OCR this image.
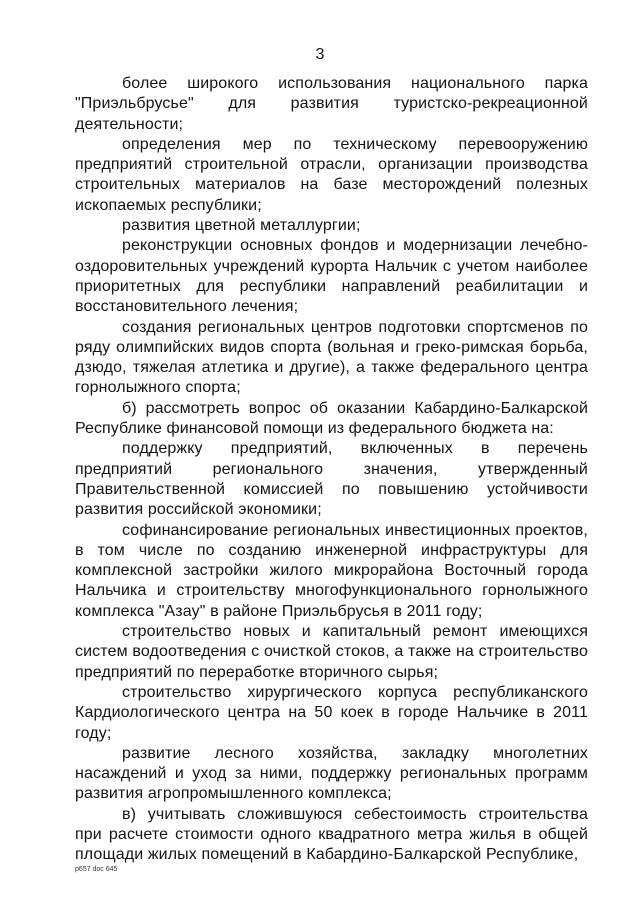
3

более широкого использования национального парка "Приэльбрусье" для развития туристско-рекреационной деятельности;

определения мер по техническому перевооружению предприятий строительной отрасли, организации производства строительных материалов на базе месторождений полезных ископаемых республики;

развития цветной металлургии;

реконструкции основных фондов и модернизации лечебно-оздоровительных учреждений курорта Нальчик с учетом наиболее приоритетных для республики направлений реабилитации и восстановительного лечения;

создания региональных центров подготовки спортсменов по ряду олимпийских видов спорта (вольная и греко-римская борьба, дзюдо, тяжелая атлетика и другие), а также федерального центра горнолыжного спорта;

б) рассмотреть вопрос об оказании Кабардино-Балкарской Республике финансовой помощи из федерального бюджета на:

поддержку предприятий, включенных в перечень предприятий регионального значения, утвержденный Правительственной комиссией по повышению устойчивости развития российской экономики;

софинансирование региональных инвестиционных проектов, в том числе по созданию инженерной инфраструктуры для комплексной застройки жилого микрорайона Восточный города Нальчика и строительству многофункционального горнолыжного комплекса "Азау" в районе Приэльбрусья в 2011 году;

строительство новых и капитальный ремонт имеющихся систем водоотведения с очисткой стоков, а также на строительство предприятий по переработке вторичного сырья;

строительство хирургического корпуса республиканского Кардиологического центра на 50 коек в городе Нальчике в 2011 году;

развитие лесного хозяйства, закладку многолетних насаждений и уход за ними, поддержку региональных программ развития агропромышленного комплекса;

в) учитывать сложившуюся себестоимость строительства при расчете стоимости одного квадратного метра жилья в общей площади жилых помещений в Кабардино-Балкарской Республике,

р657 doc 645
